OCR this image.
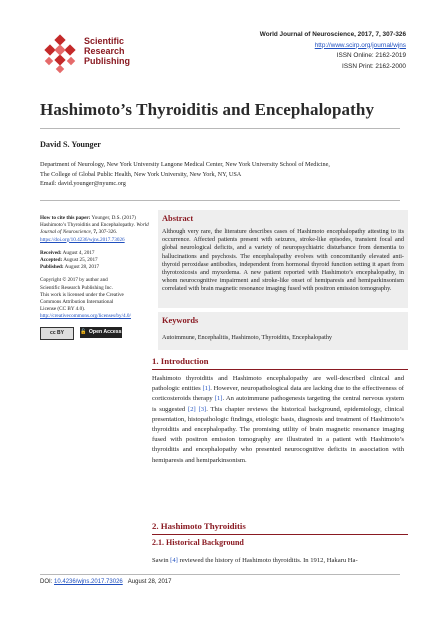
Scientific
Research
Publishing
World Journal of Neuroscience, 2017, 7, 307-326
http://www.scirp.org/journal/wjns
ISSN Online: 2162-2019
ISSN Print: 2162-2000
Hashimoto’s Thyroiditis and Encephalopathy
David S. Younger
Department of Neurology, New York University Langone Medical Center, New York University School of Medicine,
The College of Global Public Health, New York University, New York, NY, USA
Email: david.younger@nyumc.org

How to cite this paper: Younger, D.S. (2017) Hashimoto’s Thyroiditis and Encephalopathy. World Journal of Neuroscience, 7, 307-326.
https://doi.org/10.4236/wjns.2017.73026

Received: August 4, 2017
Accepted: August 25, 2017
Published: August 28, 2017

Copyright © 2017 by author and
Scientific Research Publishing Inc.
This work is licensed under the Creative
Commons Attribution International
License (CC BY 4.0).
http://creativecommons.org/licenses/by/4.0/

cc BY	🔓 Open Access
Abstract
Although very rare, the literature describes cases of Hashimoto encephalopathy attesting to its occurrence. Affected patients present with seizures, stroke-like episodes, transient focal and global neurological deficits, and a variety of neuropsychiatric disturbance from dementia to hallucinations and psychosis. The encephalopathy evolves with concomitantly elevated anti-thyroid peroxidase antibodies, independent from hormonal thyroid function setting it apart from thyrotoxicosis and myxedema. A new patient reported with Hashimoto’s encephalopathy, in whom neurocognitive impairment and stroke-like onset of hemiparesis and hemiparkinsonism correlated with brain magnetic resonance imaging fused with positron emission tomography.
Keywords
Autoimmune, Encephalitis, Hashimoto, Thyroiditis, Encephalopathy
1. Introduction
Hashimoto thyroiditis and Hashimoto encephalopathy are well-described clinical and pathologic entities [1]. However, neuropathological data are lacking due to the effectiveness of corticosteroids therapy [1]. An autoimmune pathogenesis targeting the central nervous system is suggested [2] [3]. This chapter reviews the historical background, epidemiology, clinical presentation, histopathologic findings, etiologic basis, diagnosis and treatment of Hashimoto’s thyroiditis and encephalopathy. The promising utility of brain magnetic resonance imaging fused with positron emission tomography are illustrated in a patient with Hashimoto’s thyroiditis and encephalopathy who presented neurocognitive deficits in association with hemiparesis and hemiparkinsonism.
2. Hashimoto Thyroiditis
2.1. Historical Background
Sawin [4] reviewed the history of Hashimoto thyroiditis. In 1912, Hakaru Ha-
DOI: 10.4236/wjns.2017.73026 August 28, 2017
